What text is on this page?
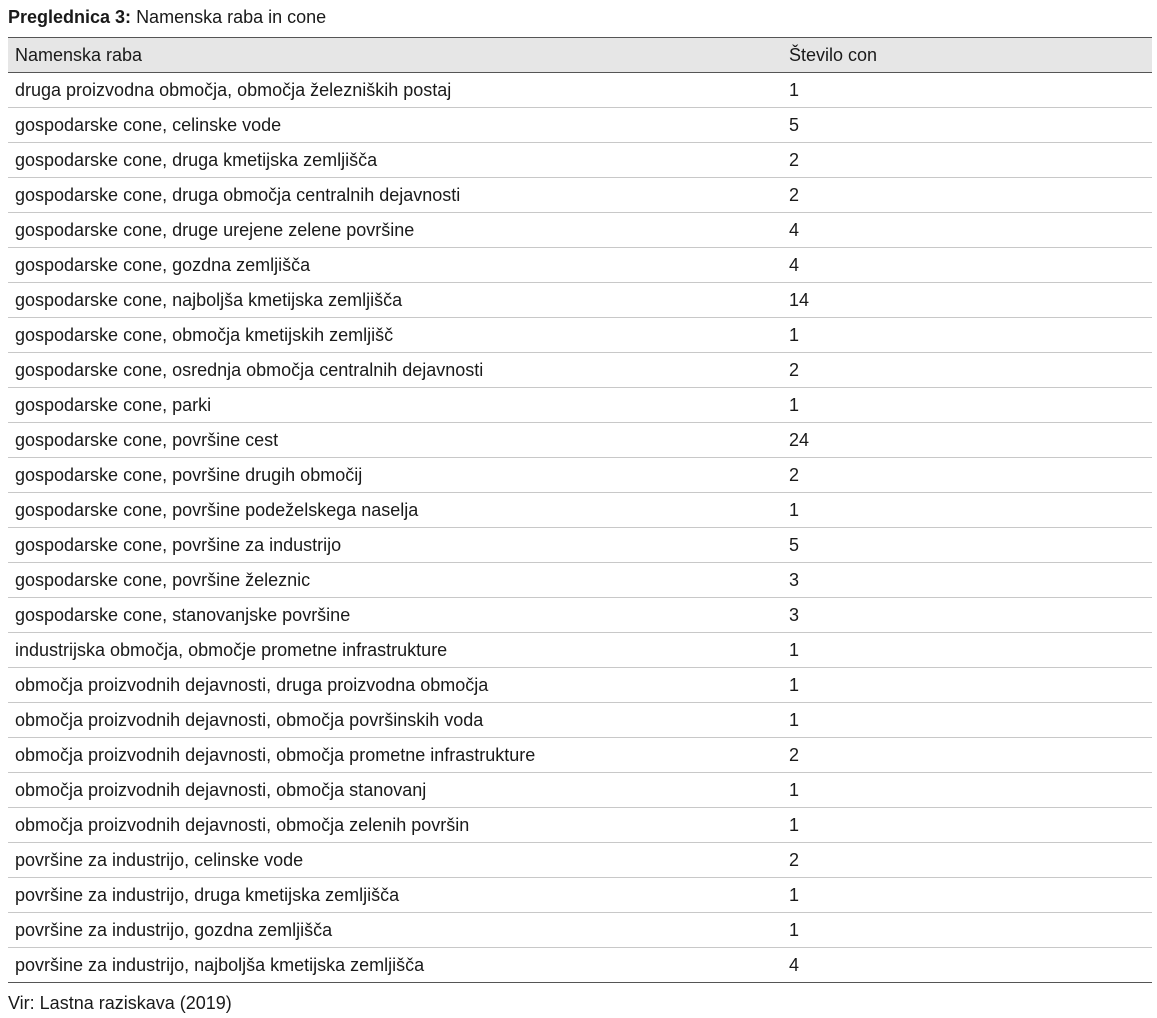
Preglednica 3: Namenska raba in cone
Namenska raba	Število con
druga proizvodna območja, območja železniških postaj	1
gospodarske cone, celinske vode	5
gospodarske cone, druga kmetijska zemljišča	2
gospodarske cone, druga območja centralnih dejavnosti	2
gospodarske cone, druge urejene zelene površine	4
gospodarske cone, gozdna zemljišča	4
gospodarske cone, najboljša kmetijska zemljišča	14
gospodarske cone, območja kmetijskih zemljišč	1
gospodarske cone, osrednja območja centralnih dejavnosti	2
gospodarske cone, parki	1
gospodarske cone, površine cest	24
gospodarske cone, površine drugih območij	2
gospodarske cone, površine podeželskega naselja	1
gospodarske cone, površine za industrijo	5
gospodarske cone, površine železnic	3
gospodarske cone, stanovanjske površine	3
industrijska območja, območje prometne infrastrukture	1
območja proizvodnih dejavnosti, druga proizvodna območja	1
območja proizvodnih dejavnosti, območja površinskih voda	1
območja proizvodnih dejavnosti, območja prometne infrastrukture	2
območja proizvodnih dejavnosti, območja stanovanj	1
območja proizvodnih dejavnosti, območja zelenih površin	1
površine za industrijo, celinske vode	2
površine za industrijo, druga kmetijska zemljišča	1
površine za industrijo, gozdna zemljišča	1
površine za industrijo, najboljša kmetijska zemljišča	4
Vir: Lastna raziskava (2019)
